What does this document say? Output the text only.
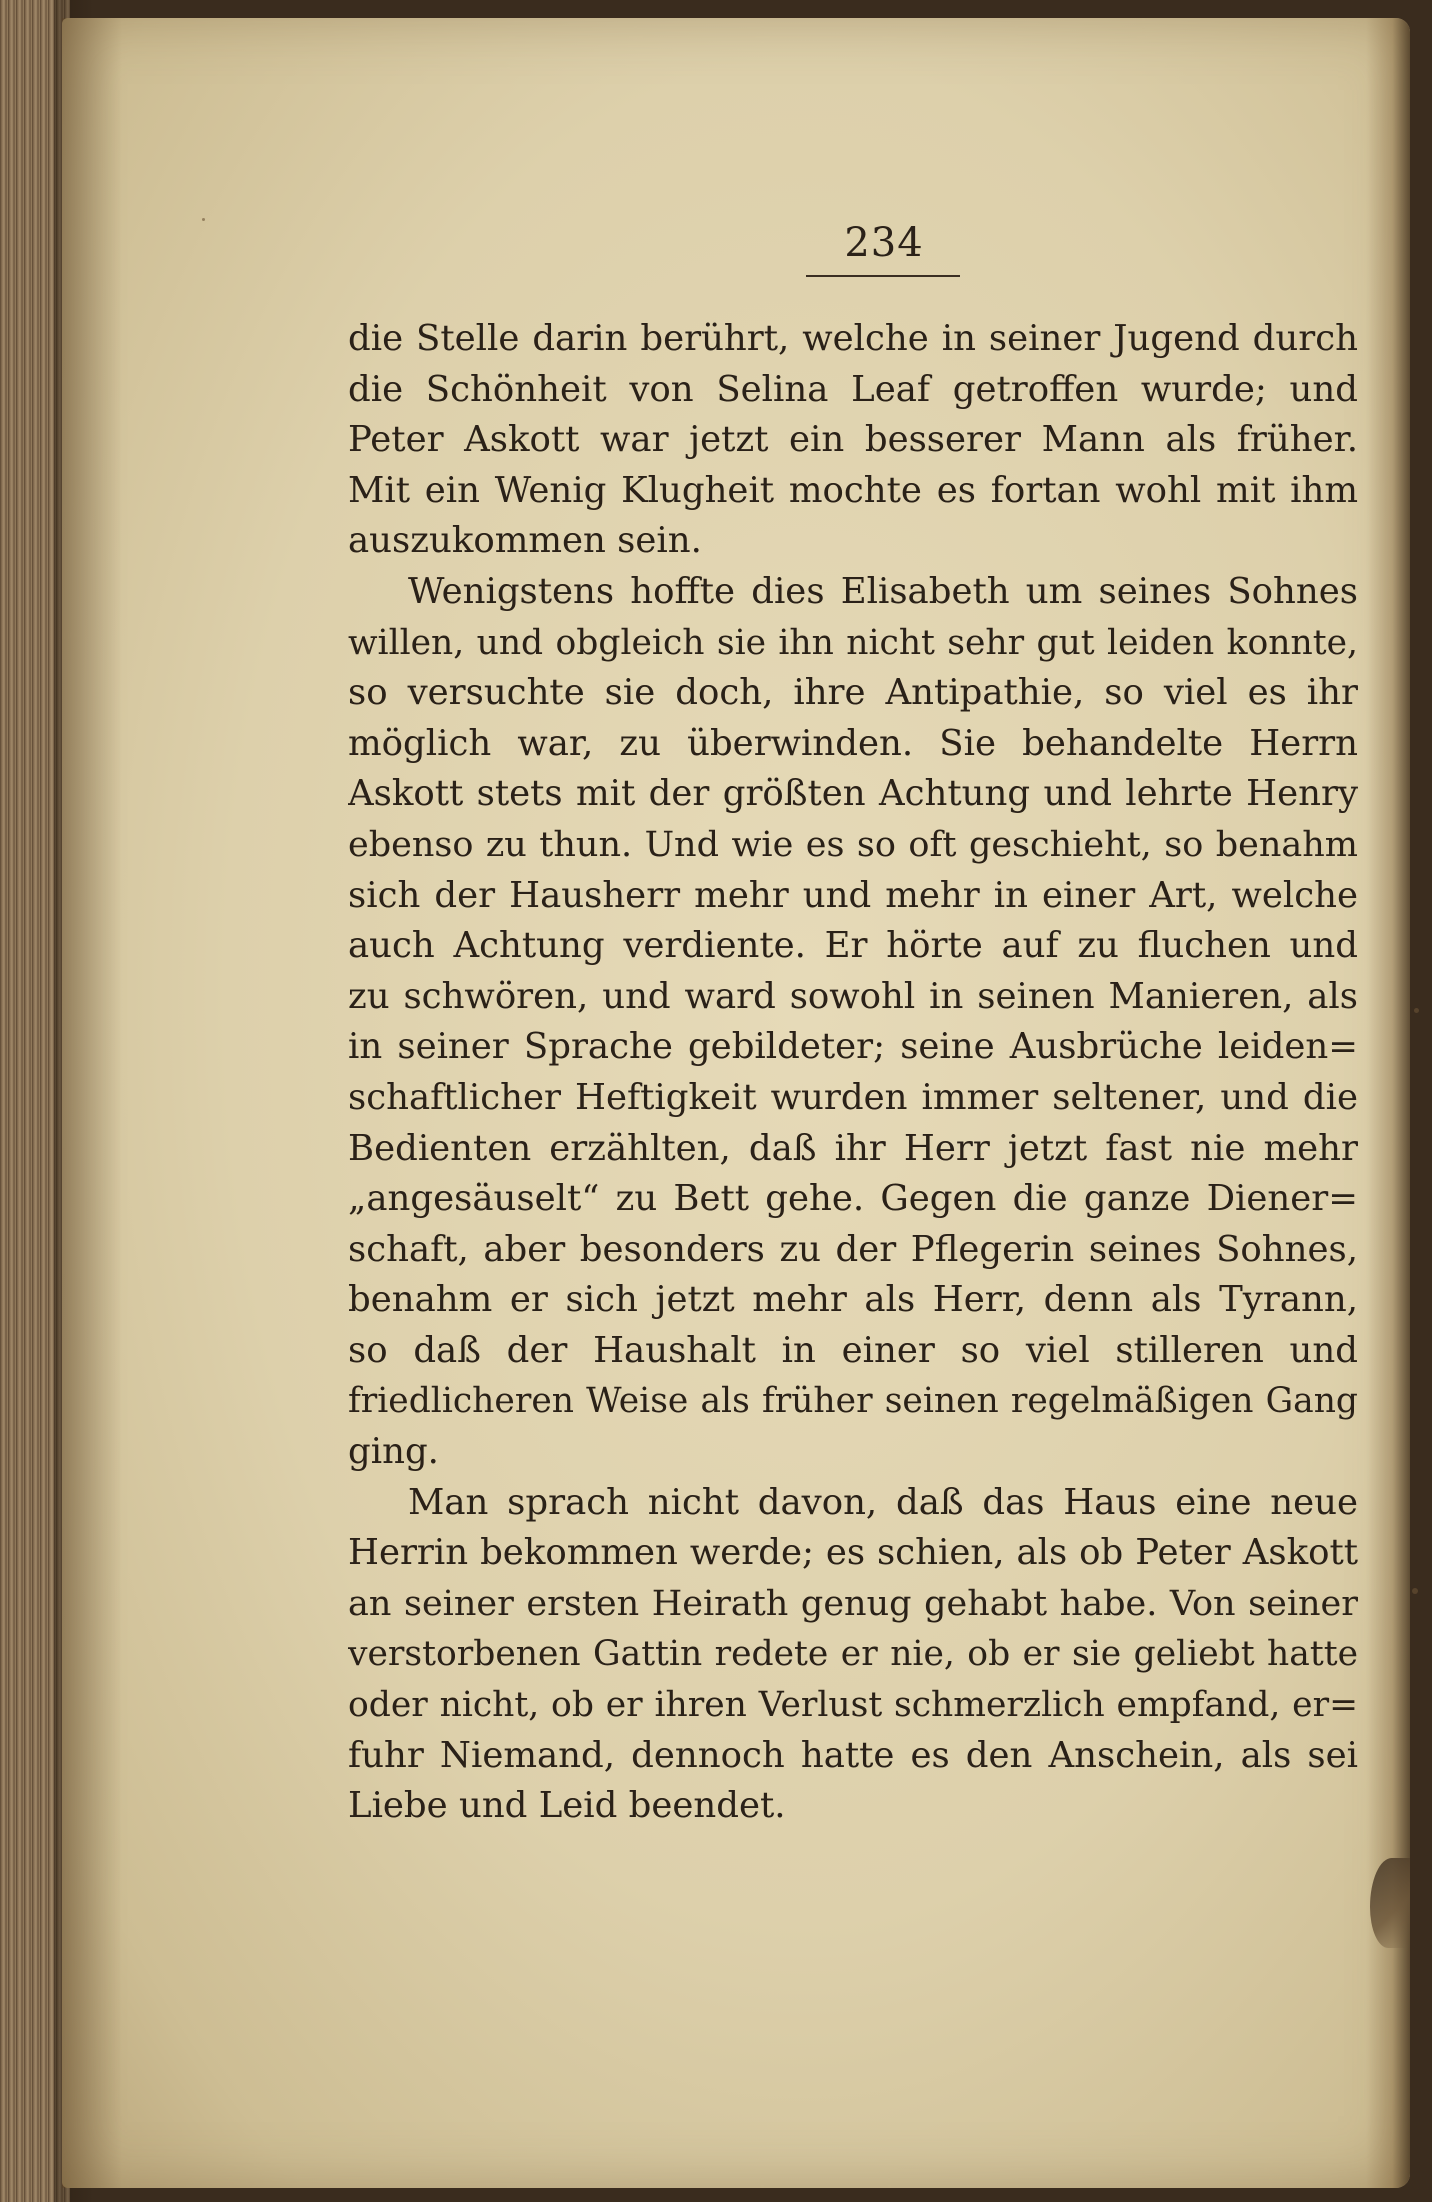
234
die Stelle darin berührt, welche in seiner Jugend durch
die Schönheit von Selina Leaf getroffen wurde; und
Peter Askott war jetzt ein besserer Mann als früher.
Mit ein Wenig Klugheit mochte es fortan wohl mit ihm
auszukommen sein.
Wenigstens hoffte dies Elisabeth um seines Sohnes
willen, und obgleich sie ihn nicht sehr gut leiden konnte,
so versuchte sie doch, ihre Antipathie, so viel es ihr
möglich war, zu überwinden. Sie behandelte Herrn
Askott stets mit der größten Achtung und lehrte Henry
ebenso zu thun. Und wie es so oft geschieht, so benahm
sich der Hausherr mehr und mehr in einer Art, welche
auch Achtung verdiente. Er hörte auf zu fluchen und
zu schwören, und ward sowohl in seinen Manieren, als
in seiner Sprache gebildeter; seine Ausbrüche leiden=
schaftlicher Heftigkeit wurden immer seltener, und die
Bedienten erzählten, daß ihr Herr jetzt fast nie mehr
„angesäuselt“ zu Bett gehe. Gegen die ganze Diener=
schaft, aber besonders zu der Pflegerin seines Sohnes,
benahm er sich jetzt mehr als Herr, denn als Tyrann,
so daß der Haushalt in einer so viel stilleren und
friedlicheren Weise als früher seinen regelmäßigen Gang
ging.
Man sprach nicht davon, daß das Haus eine neue
Herrin bekommen werde; es schien, als ob Peter Askott
an seiner ersten Heirath genug gehabt habe. Von seiner
verstorbenen Gattin redete er nie, ob er sie geliebt hatte
oder nicht, ob er ihren Verlust schmerzlich empfand, er=
fuhr Niemand, dennoch hatte es den Anschein, als sei
Liebe und Leid beendet.
